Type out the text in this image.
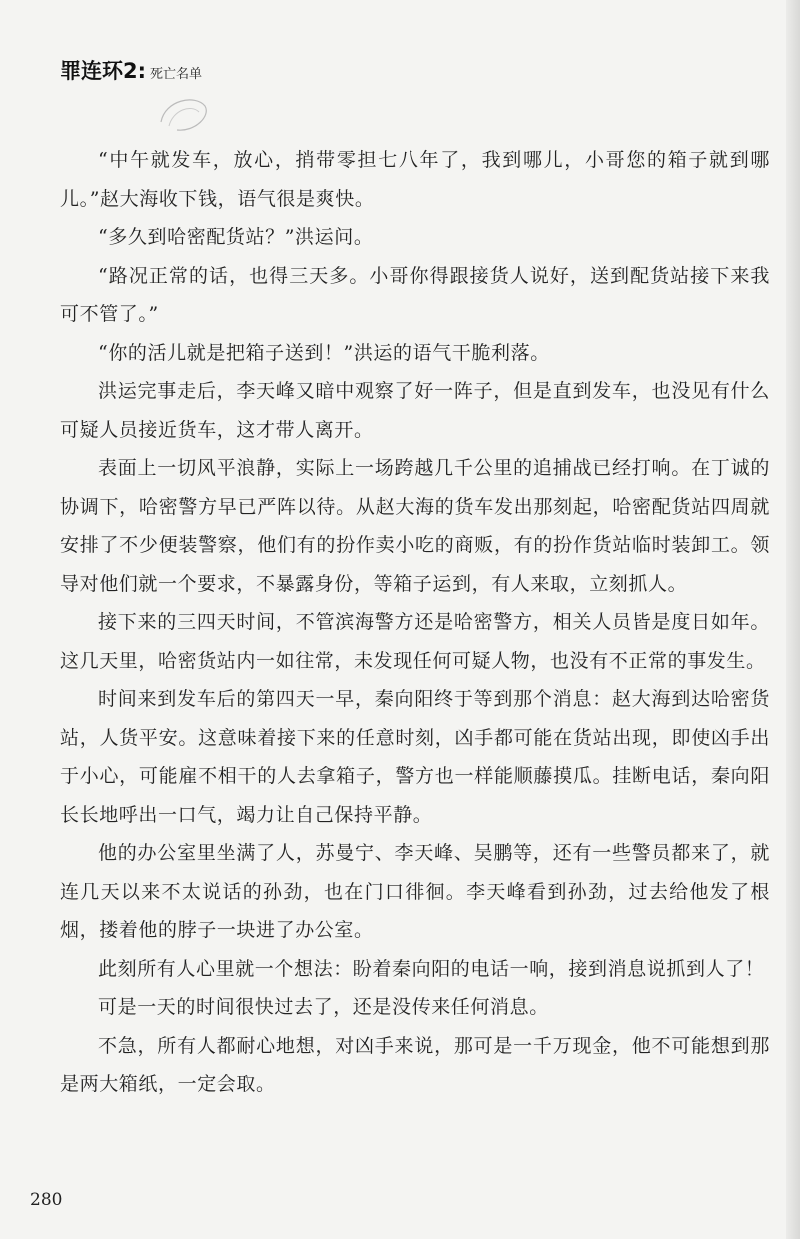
罪连环2: 死亡名单

“中午就发车，放心，捎带零担七八年了，我到哪儿，小哥您的箱子就到哪儿。”赵大海收下钱，语气很是爽快。

“多久到哈密配货站？”洪运问。

“路况正常的话，也得三天多。小哥你得跟接货人说好，送到配货站接下来我可不管了。”

“你的活儿就是把箱子送到！”洪运的语气干脆利落。

洪运完事走后，李天峰又暗中观察了好一阵子，但是直到发车，也没见有什么可疑人员接近货车，这才带人离开。

表面上一切风平浪静，实际上一场跨越几千公里的追捕战已经打响。在丁诚的协调下，哈密警方早已严阵以待。从赵大海的货车发出那刻起，哈密配货站四周就安排了不少便装警察，他们有的扮作卖小吃的商贩，有的扮作货站临时装卸工。领导对他们就一个要求，不暴露身份，等箱子运到，有人来取，立刻抓人。

接下来的三四天时间，不管滨海警方还是哈密警方，相关人员皆是度日如年。这几天里，哈密货站内一如往常，未发现任何可疑人物，也没有不正常的事发生。

时间来到发车后的第四天一早，秦向阳终于等到那个消息：赵大海到达哈密货站，人货平安。这意味着接下来的任意时刻，凶手都可能在货站出现，即使凶手出于小心，可能雇不相干的人去拿箱子，警方也一样能顺藤摸瓜。挂断电话，秦向阳长长地呼出一口气，竭力让自己保持平静。

他的办公室里坐满了人，苏曼宁、李天峰、吴鹏等，还有一些警员都来了，就连几天以来不太说话的孙劲，也在门口徘徊。李天峰看到孙劲，过去给他发了根烟，搂着他的脖子一块进了办公室。

此刻所有人心里就一个想法：盼着秦向阳的电话一响，接到消息说抓到人了！

可是一天的时间很快过去了，还是没传来任何消息。

不急，所有人都耐心地想，对凶手来说，那可是一千万现金，他不可能想到那是两大箱纸，一定会取。

280
